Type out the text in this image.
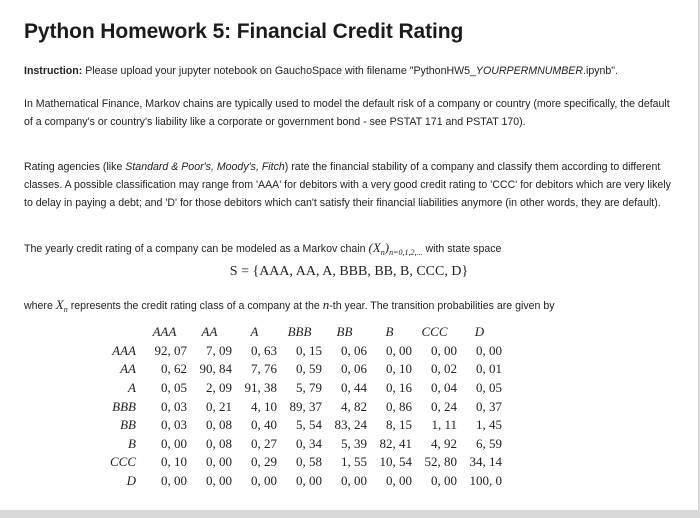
Python Homework 5: Financial Credit Rating

Instruction: Please upload your jupyter notebook on GauchoSpace with filename "PythonHW5_YOURPERMNUMBER.ipynb".

In Mathematical Finance, Markov chains are typically used to model the default risk of a company or country (more specifically, the default of a company's or country's liability like a corporate or government bond - see PSTAT 171 and PSTAT 170).

Rating agencies (like Standard & Poor's, Moody's, Fitch) rate the financial stability of a company and classify them according to different classes. A possible classification may range from 'AAA' for debitors with a very good credit rating to 'CCC' for debitors which are very likely to delay in paying a debt; and 'D' for those debitors which can't satisfy their financial liabilities anymore (in other words, they are default).

The yearly credit rating of a company can be modeled as a Markov chain $(X_n)_{n=0,1,2,...}$ with state space

S = {AAA, AA, A, BBB, BB, B, CCC, D}

where $X_n$ represents the credit rating class of a company at the n-th year. The transition probabilities are given by

	AAA	AA	A	BBB	BB	B	CCC	D
AAA	92, 07	7, 09	0, 63	0, 15	0, 06	0, 00	0, 00	0, 00
AA	0, 62	90, 84	7, 76	0, 59	0, 06	0, 10	0, 02	0, 01
A	0, 05	2, 09	91, 38	5, 79	0, 44	0, 16	0, 04	0, 05
BBB	0, 03	0, 21	4, 10	89, 37	4, 82	0, 86	0, 24	0, 37
BB	0, 03	0, 08	0, 40	5, 54	83, 24	8, 15	1, 11	1, 45
B	0, 00	0, 08	0, 27	0, 34	5, 39	82, 41	4, 92	6, 59
CCC	0, 10	0, 00	0, 29	0, 58	1, 55	10, 54	52, 80	34, 14
D	0, 00	0, 00	0, 00	0, 00	0, 00	0, 00	0, 00	100, 0
